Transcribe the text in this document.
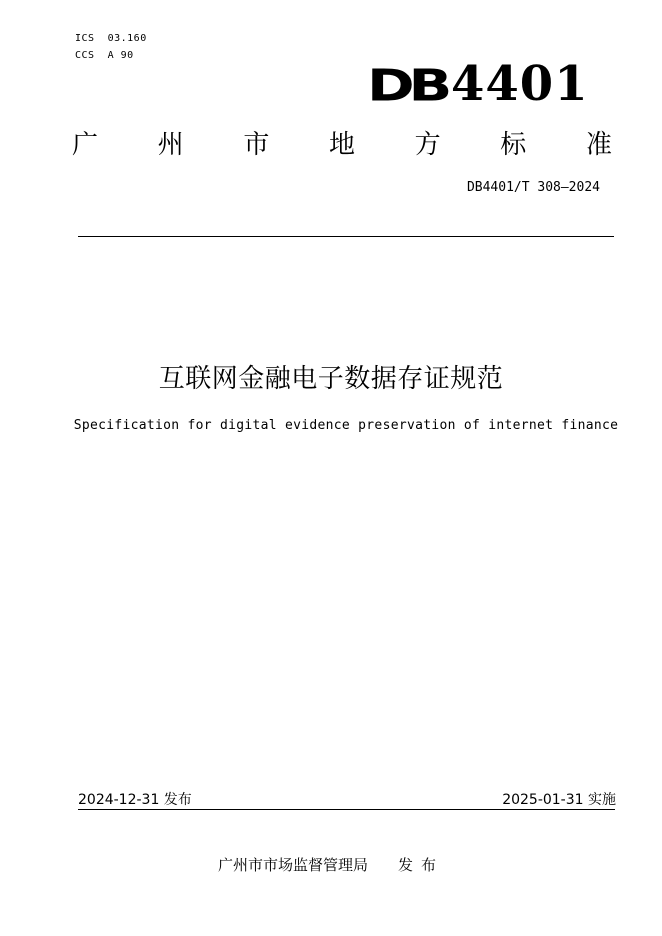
ICS  03.160
CCS  A 90
DB 4401
广 州 市 地 方 标 准
DB4401/T 308—2024
互联网金融电子数据存证规范
Specification for digital evidence preservation of internet finance
2024-12-31 发布	2025-01-31 实施
广州市市场监督管理局 发布
